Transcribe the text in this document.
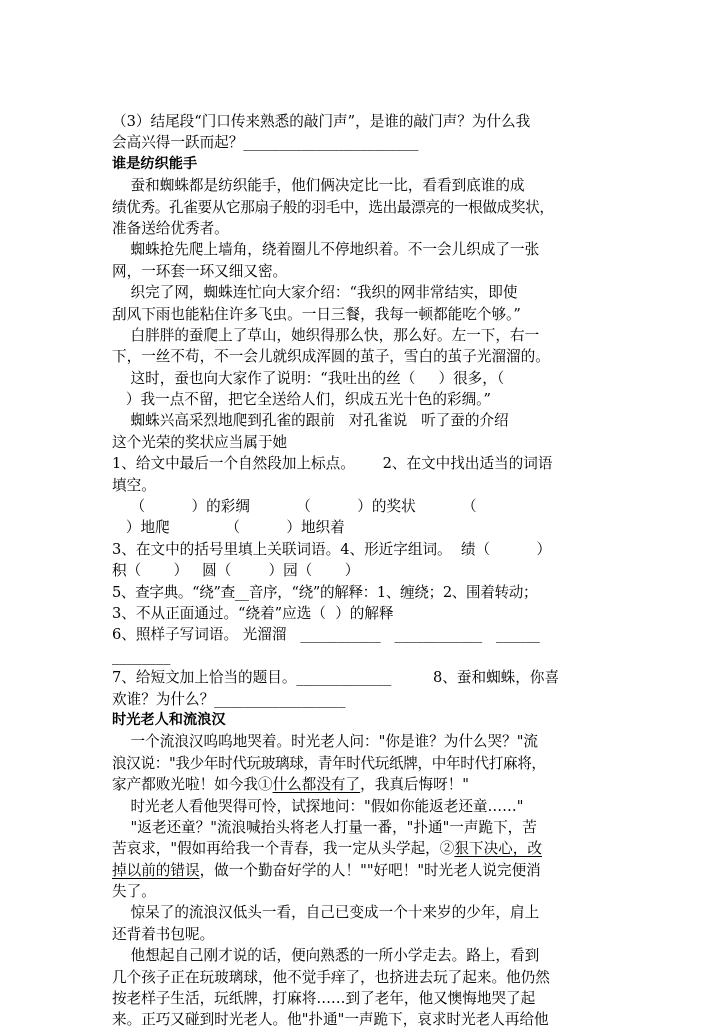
（3）结尾段“门口传来熟悉的敲门声”，是谁的敲门声？为什么我
会高兴得一跃而起？________________________
谁是纺织能手
蚕和蜘蛛都是纺织能手，他们俩决定比一比，看看到底谁的成
绩优秀。孔雀要从它那扇子般的羽毛中，选出最漂亮的一根做成奖状，
准备送给优秀者。
蜘蛛抢先爬上墙角，绕着圈儿不停地织着。不一会儿织成了一张
网，一环套一环又细又密。
织完了网，蜘蛛连忙向大家介绍：“我织的网非常结实，即使
刮风下雨也能粘住许多飞虫。一日三餐，我每一顿都能吃个够。”
白胖胖的蚕爬上了草山，她织得那么快，那么好。左一下，右一
下，一丝不苟，不一会儿就织成浑圆的茧子，雪白的茧子光溜溜的。
这时，蚕也向大家作了说明：“我吐出的丝（     ）很多，（
）我一点不留，把它全送给人们，织成五光十色的彩绸。”
蜘蛛兴高采烈地爬到孔雀的跟前   对孔雀说   听了蚕的介绍
这个光荣的奖状应当属于她
1、给文中最后一个自然段加上标点。      2、在文中找出适当的词语
填空。
（          ）的彩绸          （          ）的奖状          （
）地爬            （          ）地织着
3、在文中的括号里填上关联词语。4、形近字组词。  绩（          ）
积（       ）   圆（        ）园（       ）
5、查字典。“绕”查__音序，“绕”的解释：1、缠绕；2、围着转动；
3、不从正面通过。“绕着”应选（  ）的解释
6、照样子写词语。 光溜溜   ___________   ____________   ______
________
7、给短文加上恰当的题目。_____________         8、蚕和蜘蛛，你喜
欢谁？为什么？__________________
时光老人和流浪汉
一个流浪汉呜呜地哭着。时光老人问："你是谁？为什么哭？"流
浪汉说："我少年时代玩玻璃球，青年时代玩纸牌，中年时代打麻将，
家产都败光啦！如今我①什么都没有了，我真后悔呀！"
时光老人看他哭得可怜，试探地问："假如你能返老还童……"
"返老还童？"流浪喊抬头将老人打量一番，"扑通"一声跪下，苦
苦哀求，"假如再给我一个青春，我一定从头学起，②狠下决心，改
掉以前的错误，做一个勤奋好学的人！""好吧！"时光老人说完便消
失了。
惊呆了的流浪汉低头一看，自己已变成一个十来岁的少年，肩上
还背着书包呢。
他想起自己刚才说的话，便向熟悉的一所小学走去。路上，看到
几个孩子正在玩玻璃球，他不觉手痒了，也挤进去玩了起来。他仍然
按老样子生活，玩纸牌，打麻将……到了老年，他又懊悔地哭了起
来。正巧又碰到时光老人。他"扑通"一声跪下，哀求时光老人再给他
